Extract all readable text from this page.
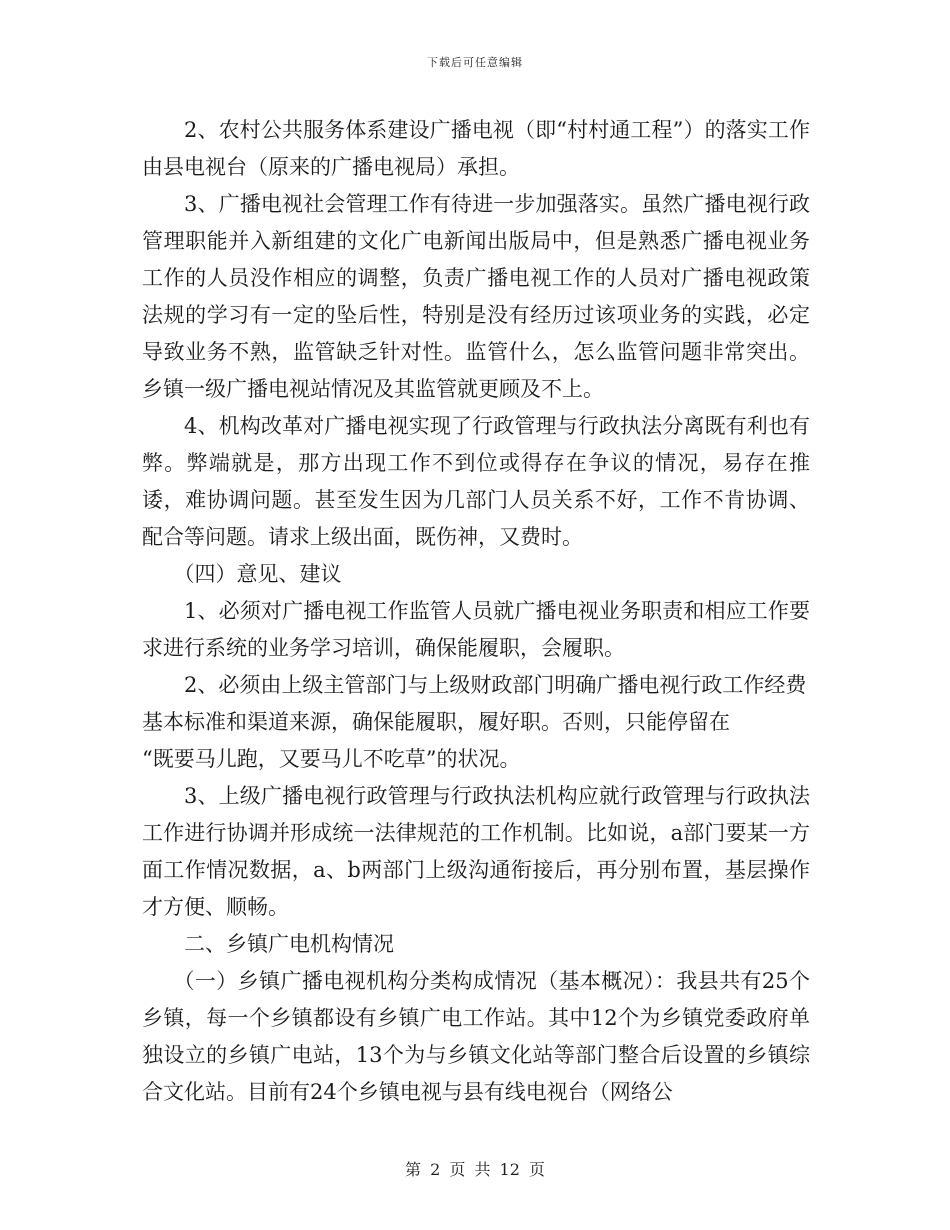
下载后可任意编辑

2、农村公共服务体系建设广播电视（即“村村通工程”）的落实工作由县电视台（原来的广播电视局）承担。

3、广播电视社会管理工作有待进一步加强落实。虽然广播电视行政管理职能并入新组建的文化广电新闻出版局中，但是熟悉广播电视业务工作的人员没作相应的调整，负责广播电视工作的人员对广播电视政策法规的学习有一定的坠后性，特别是没有经历过该项业务的实践，必定导致业务不熟，监管缺乏针对性。监管什么，怎么监管问题非常突出。乡镇一级广播电视站情况及其监管就更顾及不上。

4、机构改革对广播电视实现了行政管理与行政执法分离既有利也有弊。弊端就是，那方出现工作不到位或得存在争议的情况，易存在推诿，难协调问题。甚至发生因为几部门人员关系不好，工作不肯协调、配合等问题。请求上级出面，既伤神，又费时。

（四）意见、建议

1、必须对广播电视工作监管人员就广播电视业务职责和相应工作要求进行系统的业务学习培训，确保能履职，会履职。

2、必须由上级主管部门与上级财政部门明确广播电视行政工作经费基本标准和渠道来源，确保能履职，履好职。否则，只能停留在

“既要马儿跑，又要马儿不吃草”的状况。

3、上级广播电视行政管理与行政执法机构应就行政管理与行政执法工作进行协调并形成统一法律规范的工作机制。比如说，a部门要某一方面工作情况数据，a、b两部门上级沟通衔接后，再分别布置，基层操作才方便、顺畅。

二、乡镇广电机构情况

（一）乡镇广播电视机构分类构成情况（基本概况）：我县共有25个乡镇，每一个乡镇都设有乡镇广电工作站。其中12个为乡镇党委政府单独设立的乡镇广电站，13个为与乡镇文化站等部门整合后设置的乡镇综合文化站。目前有24个乡镇电视与县有线电视台（网络公

第 2 页 共 12 页
